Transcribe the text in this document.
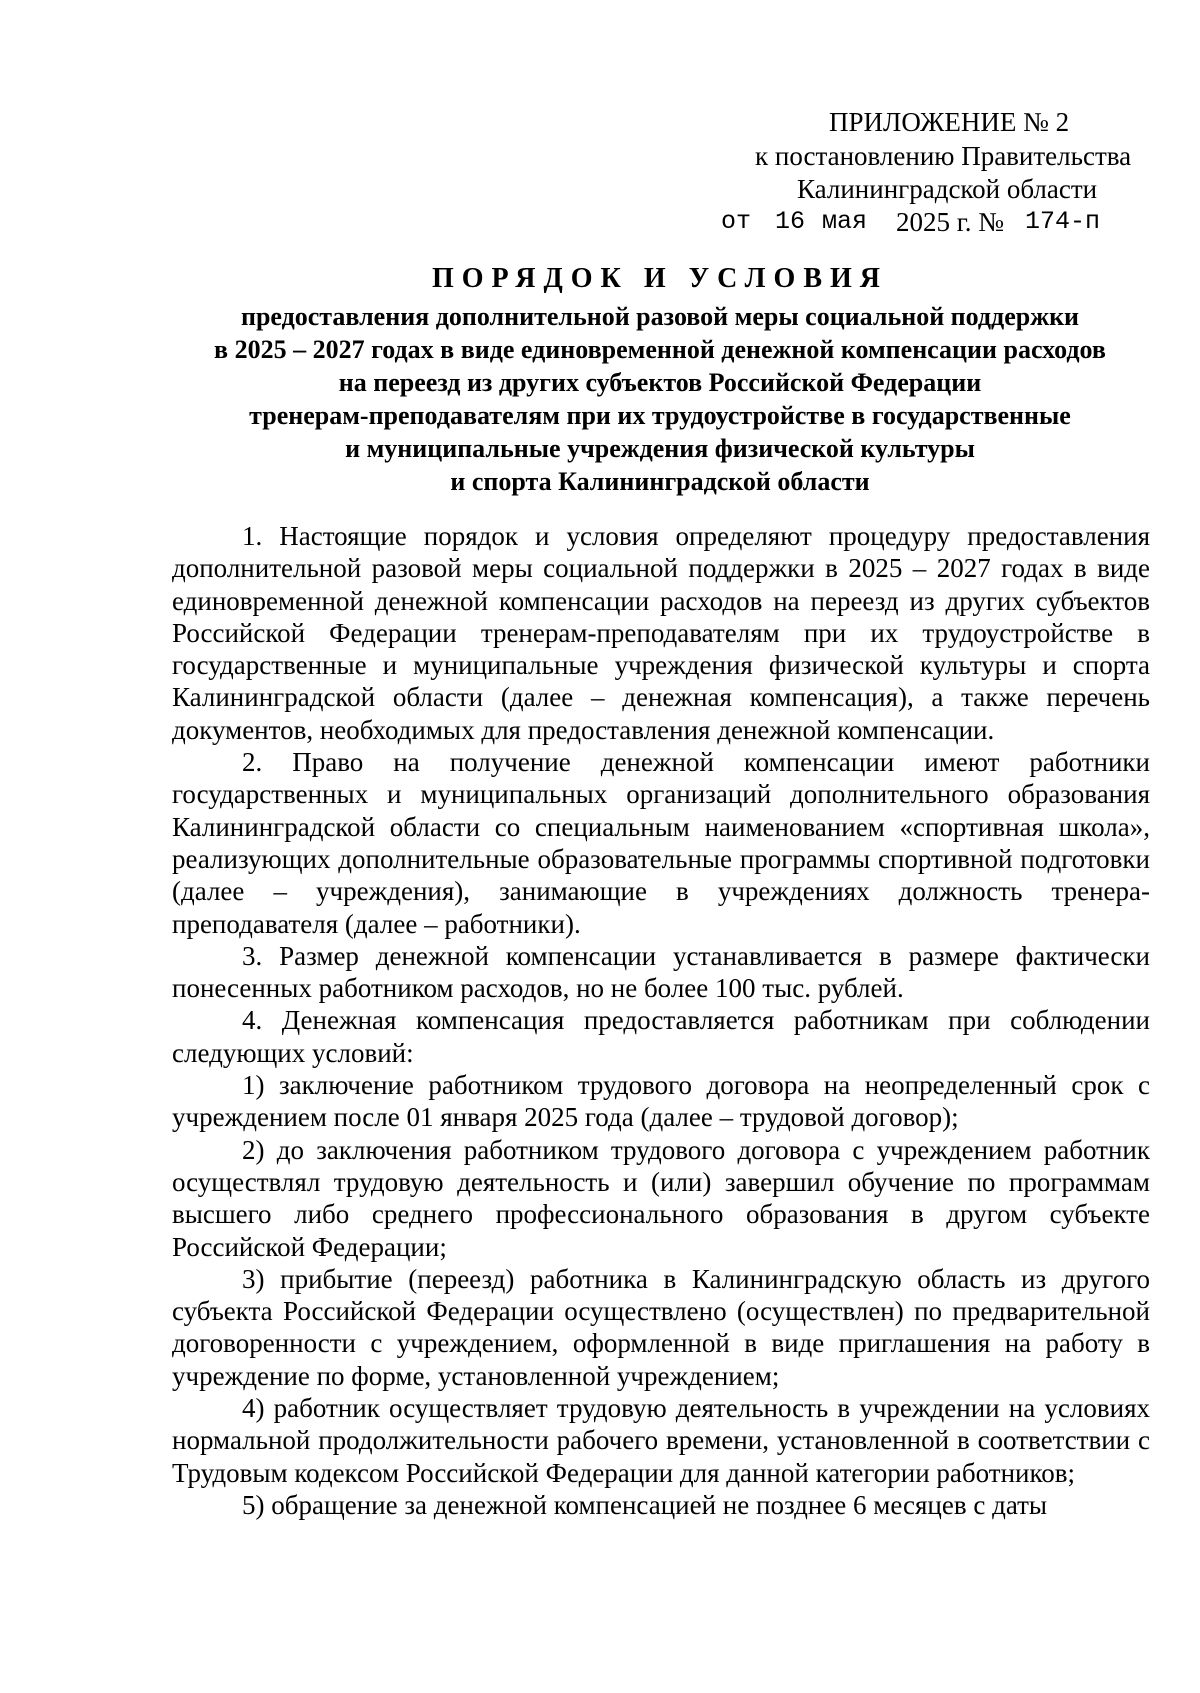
ПРИЛОЖЕНИЕ № 2
к постановлению Правительства
Калининградской области
от 16 мая 2025 г. № 174-п
ПОРЯДОК И УСЛОВИЯ
предоставления дополнительной разовой меры социальной поддержки
в 2025 – 2027 годах в виде единовременной денежной компенсации расходов
на переезд из других субъектов Российской Федерации
тренерам-преподавателям при их трудоустройстве в государственные
и муниципальные учреждения физической культуры
и спорта Калининградской области

1. Настоящие порядок и условия определяют процедуру предоставления дополнительной разовой меры социальной поддержки в 2025 – 2027 годах в виде единовременной денежной компенсации расходов на переезд из других субъектов Российской Федерации тренерам-преподавателям при их трудоустройстве в государственные и муниципальные учреждения физической культуры и спорта Калининградской области (далее – денежная компенсация), а также перечень документов, необходимых для предоставления денежной компенсации.

2. Право на получение денежной компенсации имеют работники государственных и муниципальных организаций дополнительного образования Калининградской области со специальным наименованием «спортивная школа», реализующих дополнительные образовательные программы спортивной подготовки (далее – учреждения), занимающие в учреждениях должность тренера-преподавателя (далее – работники).

3. Размер денежной компенсации устанавливается в размере фактически понесенных работником расходов, но не более 100 тыс. рублей.

4. Денежная компенсация предоставляется работникам при соблюдении следующих условий:

1) заключение работником трудового договора на неопределенный срок с учреждением после 01 января 2025 года (далее – трудовой договор);

2) до заключения работником трудового договора с учреждением работник осуществлял трудовую деятельность и (или) завершил обучение по программам высшего либо среднего профессионального образования в другом субъекте Российской Федерации;

3) прибытие (переезд) работника в Калининградскую область из другого субъекта Российской Федерации осуществлено (осуществлен) по предварительной договоренности с учреждением, оформленной в виде приглашения на работу в учреждение по форме, установленной учреждением;

4) работник осуществляет трудовую деятельность в учреждении на условиях нормальной продолжительности рабочего времени, установленной в соответствии с Трудовым кодексом Российской Федерации для данной категории работников;

5) обращение за денежной компенсацией не позднее 6 месяцев с даты
